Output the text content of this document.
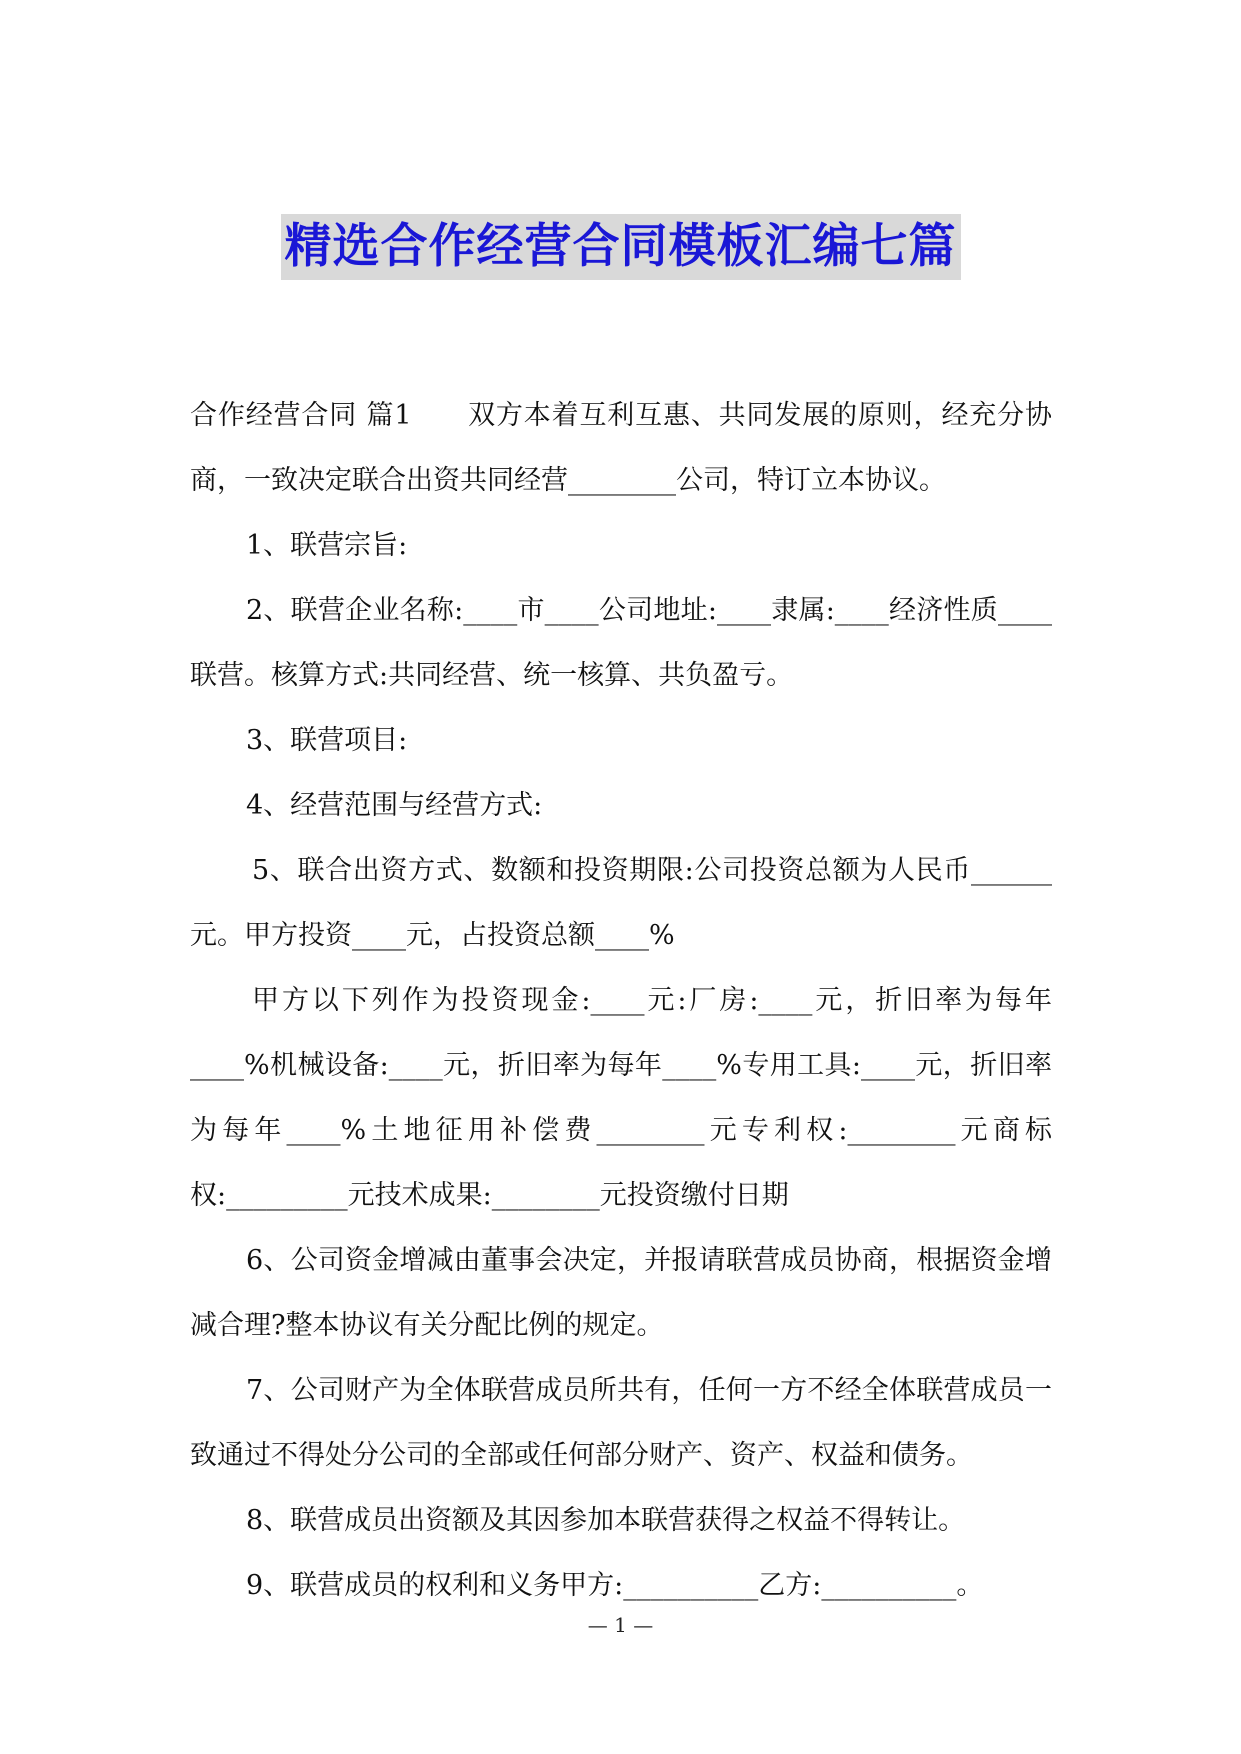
精选合作经营合同模板汇编七篇

合作经营合同 篇1　　双方本着互利互惠、共同发展的原则，经充分协商，一致决定联合出资共同经营________公司，特订立本协议。

1、联营宗旨:

2、联营企业名称:____市____公司地址:____隶属:____经济性质____联营。核算方式:共同经营、统一核算、共负盈亏。

3、联营项目:

4、经营范围与经营方式:

5、联合出资方式、数额和投资期限:公司投资总额为人民币______元。甲方投资____元，占投资总额____%

甲方以下列作为投资现金:____元:厂房:____元，折旧率为每年____%机械设备:____元，折旧率为每年____%专用工具:____元，折旧率为每年____%土地征用补偿费________元专利权:________元商标权:_________元技术成果:________元投资缴付日期

6、公司资金增减由董事会决定，并报请联营成员协商，根据资金增减合理?整本协议有关分配比例的规定。

7、公司财产为全体联营成员所共有，任何一方不经全体联营成员一致通过不得处分公司的全部或任何部分财产、资产、权益和债务。

8、联营成员出资额及其因参加本联营获得之权益不得转让。

9、联营成员的权利和义务甲方:__________乙方:__________。

— 1 —
